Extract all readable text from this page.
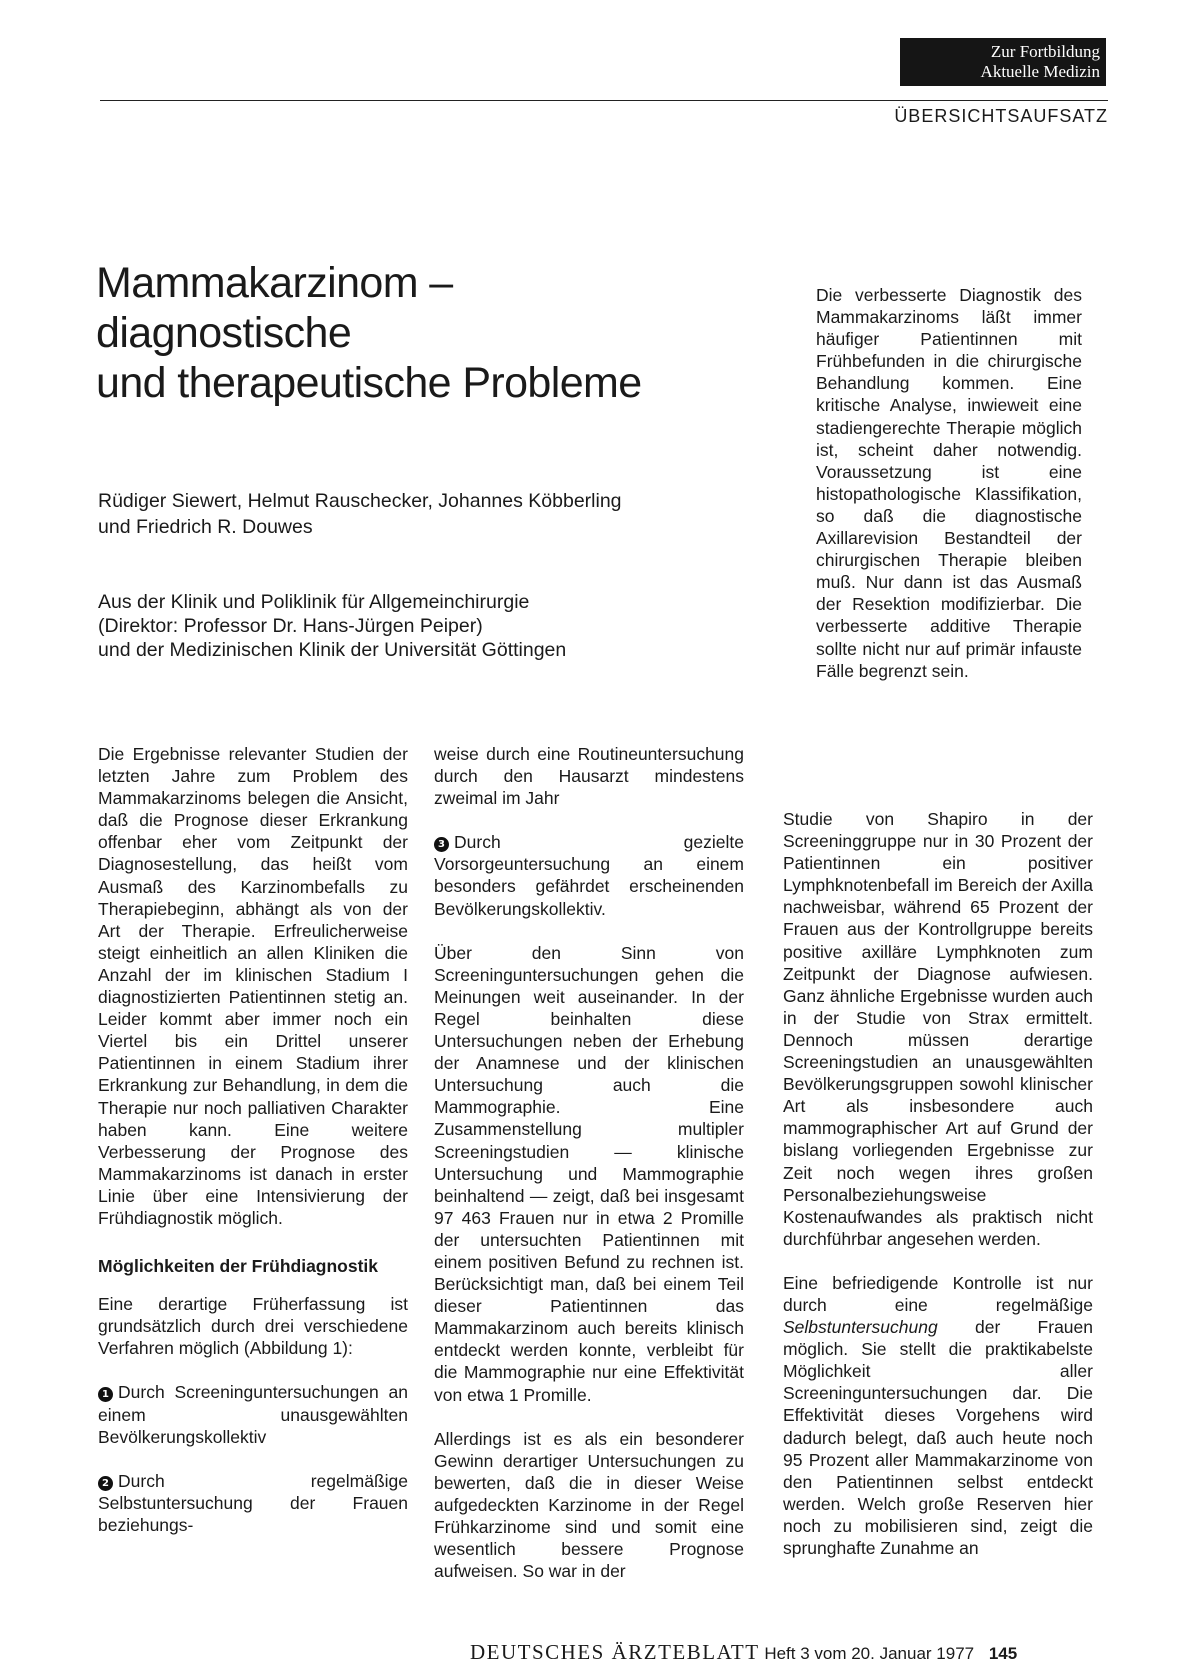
Zur Fortbildung
Aktuelle Medizin
ÜBERSICHTSAUFSATZ
Mammakarzinom –
diagnostische
und therapeutische Probleme
Rüdiger Siewert, Helmut Rauschecker, Johannes Köbberling
und Friedrich R. Douwes
Aus der Klinik und Poliklinik für Allgemeinchirurgie
(Direktor: Professor Dr. Hans-Jürgen Peiper)
und der Medizinischen Klinik der Universität Göttingen
Die verbesserte Diagnostik des Mammakarzinoms läßt immer häufiger Patientinnen mit Frühbefunden in die chirurgische Behandlung kommen. Eine kritische Analyse, inwieweit eine stadiengerechte Therapie möglich ist, scheint daher notwendig. Voraussetzung ist eine histopathologische Klassifikation, so daß die diagnostische Axillarevision Bestandteil der chirurgischen Therapie bleiben muß. Nur dann ist das Ausmaß der Resektion modifizierbar. Die verbesserte additive Therapie sollte nicht nur auf primär infauste Fälle begrenzt sein.

Die Ergebnisse relevanter Studien der letzten Jahre zum Problem des Mammakarzinoms belegen die Ansicht, daß die Prognose dieser Erkrankung offenbar eher vom Zeitpunkt der Diagnosestellung, das heißt vom Ausmaß des Karzinombefalls zu Therapiebeginn, abhängt als von der Art der Therapie. Erfreulicherweise steigt einheitlich an allen Kliniken die Anzahl der im klinischen Stadium I diagnostizierten Patientinnen stetig an. Leider kommt aber immer noch ein Viertel bis ein Drittel unserer Patientinnen in einem Stadium ihrer Erkrankung zur Behandlung, in dem die Therapie nur noch palliativen Charakter haben kann. Eine weitere Verbesserung der Prognose des Mammakarzinoms ist danach in erster Linie über eine Intensivierung der Frühdiagnostik möglich.

Möglichkeiten der Frühdiagnostik

Eine derartige Früherfassung ist grundsätzlich durch drei verschiedene Verfahren möglich (Abbildung 1):

1 Durch Screeninguntersuchungen an einem unausgewählten Bevölkerungskollektiv

2 Durch regelmäßige Selbstuntersuchung der Frauen beziehungs-

weise durch eine Routineuntersuchung durch den Hausarzt mindestens zweimal im Jahr

3 Durch gezielte Vorsorgeuntersuchung an einem besonders gefährdet erscheinenden Bevölkerungskollektiv.

Über den Sinn von Screeninguntersuchungen gehen die Meinungen weit auseinander. In der Regel beinhalten diese Untersuchungen neben der Erhebung der Anamnese und der klinischen Untersuchung auch die Mammographie. Eine Zusammenstellung multipler Screeningstudien — klinische Untersuchung und Mammographie beinhaltend — zeigt, daß bei insgesamt 97 463 Frauen nur in etwa 2 Promille der untersuchten Patientinnen mit einem positiven Befund zu rechnen ist. Berücksichtigt man, daß bei einem Teil dieser Patientinnen das Mammakarzinom auch bereits klinisch entdeckt werden konnte, verbleibt für die Mammographie nur eine Effektivität von etwa 1 Promille.

Allerdings ist es als ein besonderer Gewinn derartiger Untersuchungen zu bewerten, daß die in dieser Weise aufgedeckten Karzinome in der Regel Frühkarzinome sind und somit eine wesentlich bessere Prognose aufweisen. So war in der

Studie von Shapiro in der Screeninggruppe nur in 30 Prozent der Patientinnen ein positiver Lymphknotenbefall im Bereich der Axilla nachweisbar, während 65 Prozent der Frauen aus der Kontrollgruppe bereits positive axilläre Lymphknoten zum Zeitpunkt der Diagnose aufwiesen. Ganz ähnliche Ergebnisse wurden auch in der Studie von Strax ermittelt. Dennoch müssen derartige Screeningstudien an unausgewählten Bevölkerungsgruppen sowohl klinischer Art als insbesondere auch mammographischer Art auf Grund der bislang vorliegenden Ergebnisse zur Zeit noch wegen ihres großen Personalbeziehungsweise Kostenaufwandes als praktisch nicht durchführbar angesehen werden.

Eine befriedigende Kontrolle ist nur durch eine regelmäßige Selbstuntersuchung der Frauen möglich. Sie stellt die praktikabelste Möglichkeit aller Screeninguntersuchungen dar. Die Effektivität dieses Vorgehens wird dadurch belegt, daß auch heute noch 95 Prozent aller Mammakarzinome von den Patientinnen selbst entdeckt werden. Welch große Reserven hier noch zu mobilisieren sind, zeigt die sprunghafte Zunahme an

DEUTSCHES ÄRZTEBLATT Heft 3 vom 20. Januar 1977 145
